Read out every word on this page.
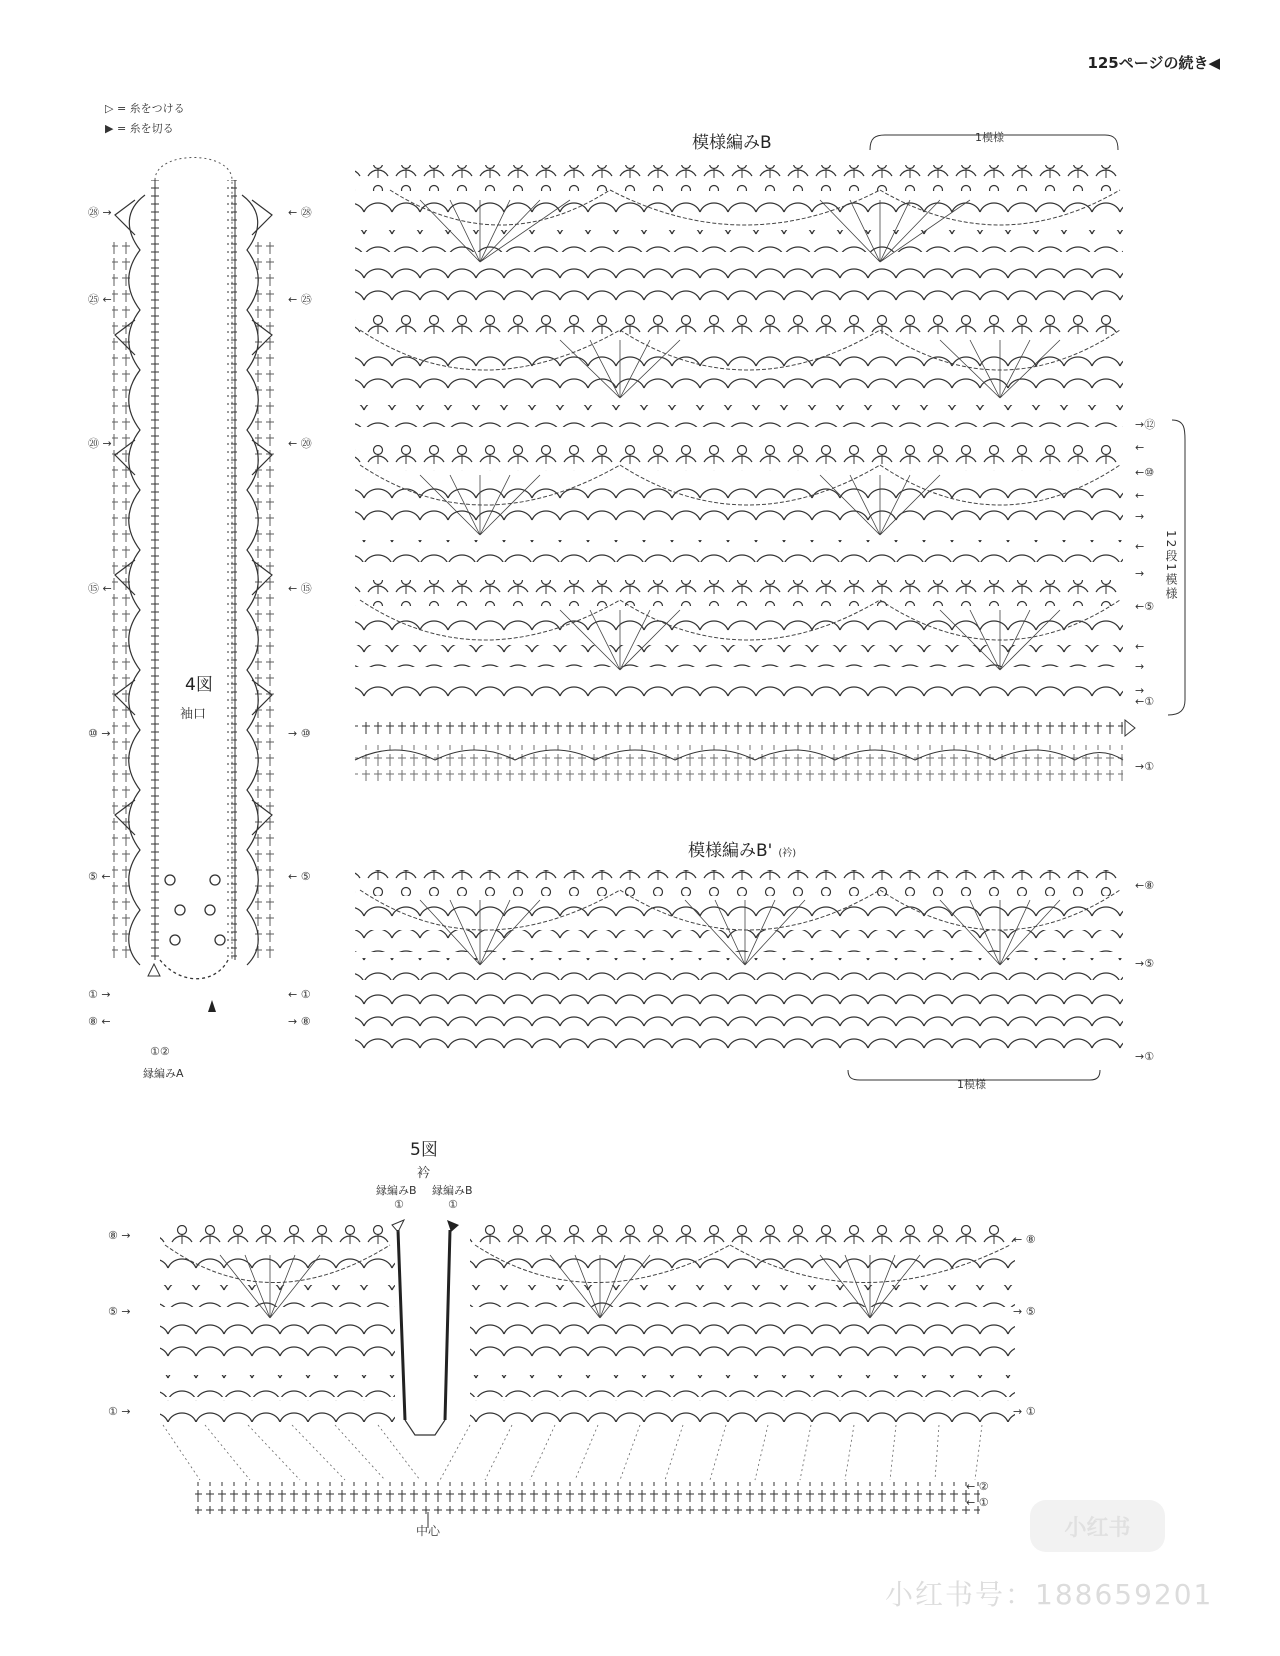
125ページの続き◀
▷ = 糸をつける
▶ = 糸を切る
4図
袖口
①②
縁編みA
㉘ →
㉕ ←
⑳ →
⑮ ←
⑩ →
⑤ ←
① →
⑧ ←
← ㉘
← ㉕
← ⑳
← ⑮
→ ⑩
← ⑤
← ①
→ ⑧
模様編みB	1模様
12段1模様
→⑫
←
←⑩
←
→
←
→
←⑤
←
→
→
←①
→①
模様編みB' (衿)
←⑧
→⑤
→①
1模様
5図
衿
縁編みB 縁編みB
①	①
⑧ →
⑤ →
① →
← ⑧
→ ⑤
→ ①
← ②
← ①
中心	小红书
小红书号：188659201
